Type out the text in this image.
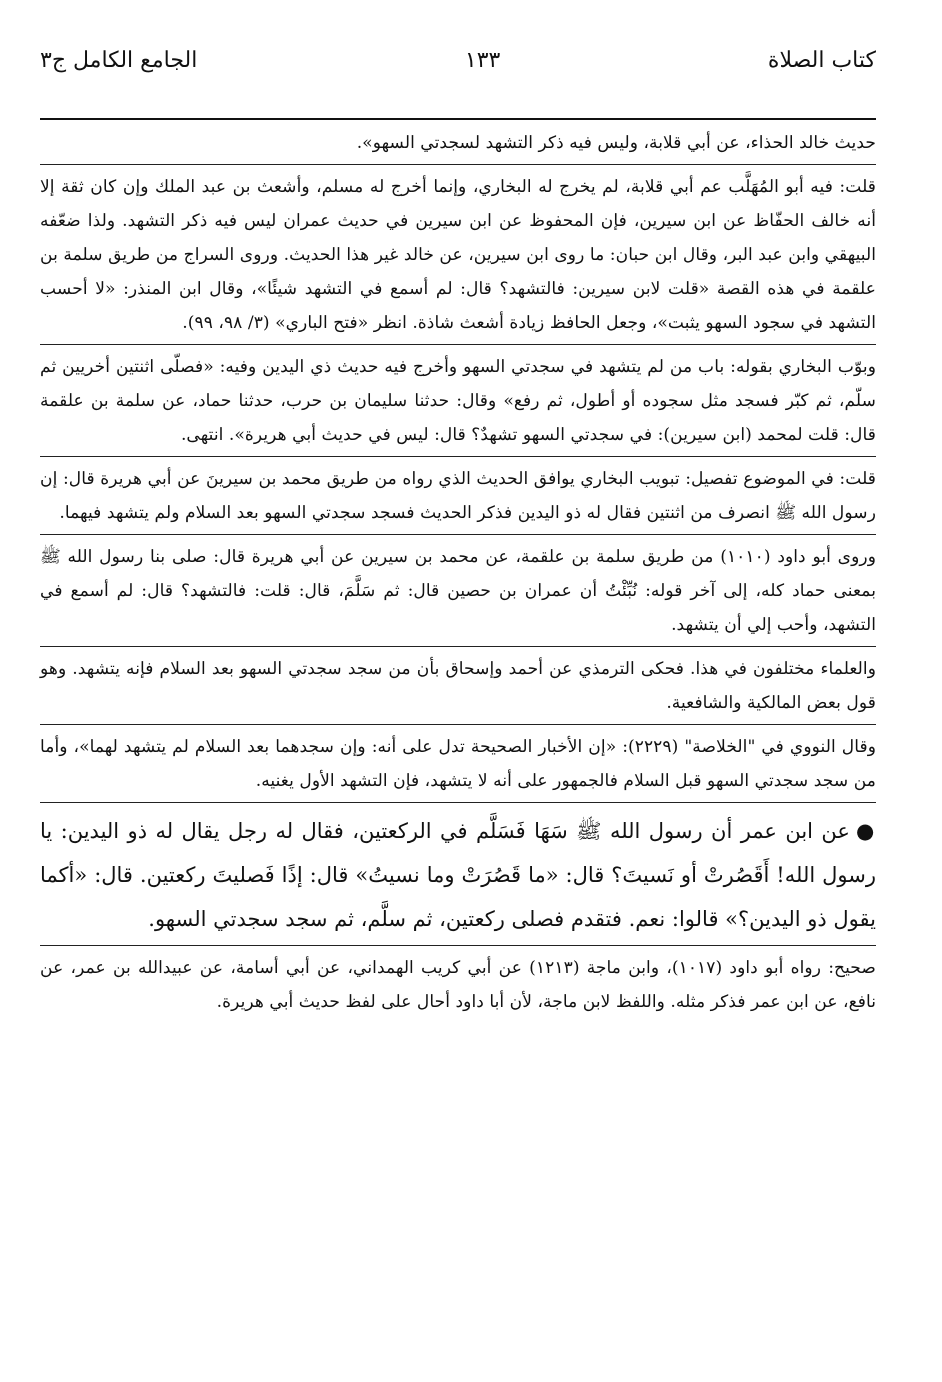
كتاب الصلاة
١٣٣
الجامع الكامل ج٣

حديث خالد الحذاء، عن أبي قلابة، وليس فيه ذكر التشهد لسجدتي السهو».

قلت: فيه أبو المُهَلَّب عم أبي قلابة، لم يخرج له البخاري، وإنما أخرج له مسلم، وأشعث بن عبد الملك وإن كان ثقة إلا أنه خالف الحفّاظ عن ابن سيرين، فإن المحفوظ عن ابن سيرين في حديث عمران ليس فيه ذكر التشهد. ولذا ضعّفه البيهقي وابن عبد البر، وقال ابن حبان: ما روى ابن سيرين، عن خالد غير هذا الحديث. وروى السراج من طريق سلمة بن علقمة في هذه القصة «قلت لابن سيرين: فالتشهد؟ قال: لم أسمع في التشهد شيئًا»، وقال ابن المنذر: «لا أحسب التشهد في سجود السهو يثبت»، وجعل الحافظ زيادة أشعث شاذة. انظر «فتح الباري» (٣/ ٩٨، ٩٩).

وبوّب البخاري بقوله: باب من لم يتشهد في سجدتي السهو وأخرج فيه حديث ذي اليدين وفيه: «فصلّى اثنتين أخريين ثم سلّم، ثم كبّر فسجد مثل سجوده أو أطول، ثم رفع» وقال: حدثنا سليمان بن حرب، حدثنا حماد، عن سلمة بن علقمة قال: قلت لمحمد (ابن سيرين): في سجدتي السهو تشهدٌ؟ قال: ليس في حديث أبي هريرة». انتهى.

قلت: في الموضوع تفصيل: تبويب البخاري يوافق الحديث الذي رواه من طريق محمد بن سيرينَ عن أبي هريرة قال: إن رسول الله ﷺ انصرف من اثنتين فقال له ذو اليدين فذكر الحديث فسجد سجدتي السهو بعد السلام ولم يتشهد فيهما.

وروى أبو داود (١٠١٠) من طريق سلمة بن علقمة، عن محمد بن سيرين عن أبي هريرة قال: صلى بنا رسول الله ﷺ بمعنى حماد كله، إلى آخر قوله: نُبِّئْتُ أن عمران بن حصين قال: ثم سَلَّمَ، قال: قلت: فالتشهد؟ قال: لم أسمع في التشهد، وأحب إلي أن يتشهد.

والعلماء مختلفون في هذا. فحكى الترمذي عن أحمد وإسحاق بأن من سجد سجدتي السهو بعد السلام فإنه يتشهد. وهو قول بعض المالكية والشافعية.

وقال النووي في "الخلاصة" (٢٢٢٩): «إن الأخبار الصحيحة تدل على أنه: وإن سجدهما بعد السلام لم يتشهد لهما»، وأما من سجد سجدتي السهو قبل السلام فالجمهور على أنه لا يتشهد، فإن التشهد الأول يغنيه.

●عن ابن عمر أن رسول الله ﷺ سَهَا فَسَلَّم في الركعتين، فقال له رجل يقال له ذو اليدين: يا رسول الله! أَقَصُرتْ أو نَسيتَ؟ قال: «ما قَصُرَتْ وما نسيتُ» قال: إذًا فَصليتَ ركعتين. قال: «أكما يقول ذو اليدين؟» قالوا: نعم. فتقدم فصلى ركعتين، ثم سلَّم، ثم سجد سجدتي السهو.

صحيح: رواه أبو داود (١٠١٧)، وابن ماجة (١٢١٣) عن أبي كريب الهمداني، عن أبي أسامة، عن عبيدالله بن عمر، عن نافع، عن ابن عمر فذكر مثله. واللفظ لابن ماجة، لأن أبا داود أحال على لفظ حديث أبي هريرة.
